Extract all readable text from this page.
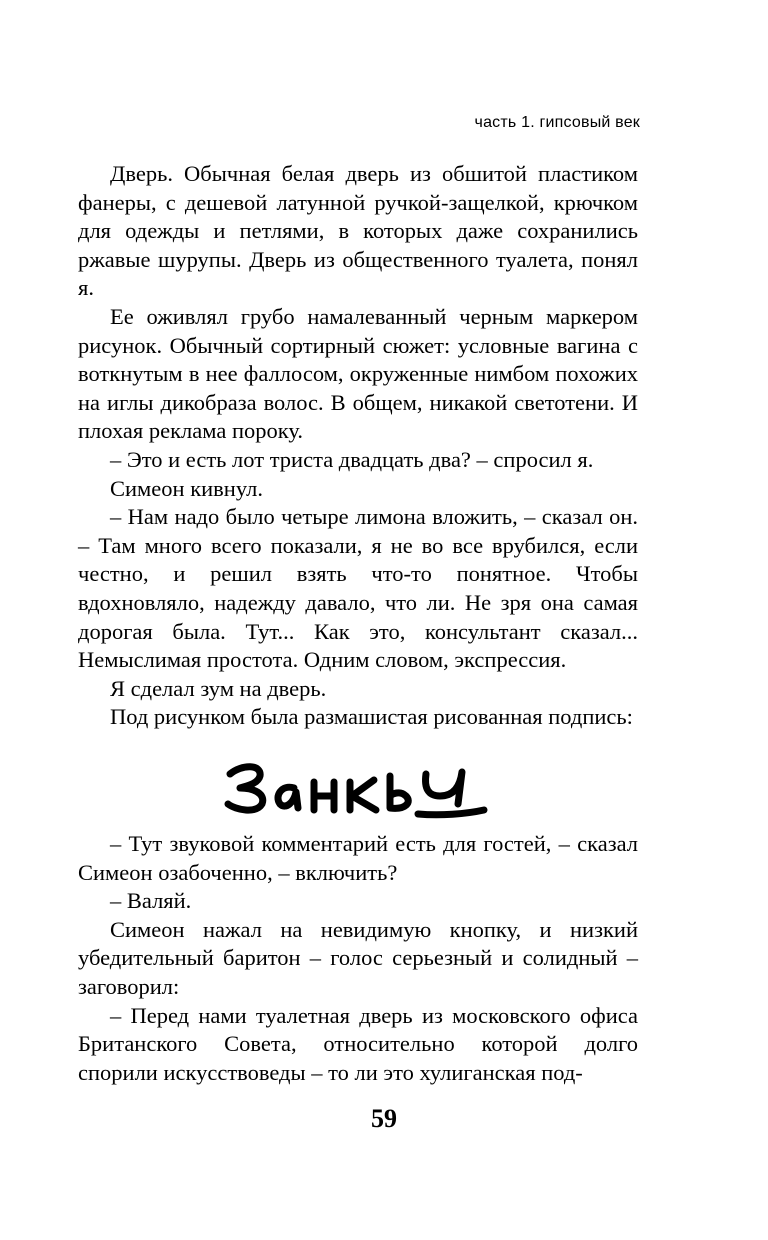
часть 1. гипсовый век

Дверь. Обычная белая дверь из обшитой пластиком фанеры, с дешевой латунной ручкой-защелкой, крючком для одежды и петлями, в которых даже сохранились ржавые шурупы. Дверь из общественного туалета, понял я.

Ее оживлял грубо намалеванный черным маркером рисунок. Обычный сортирный сюжет: условные вагина с воткнутым в нее фаллосом, окруженные нимбом похожих на иглы дикобраза волос. В общем, никакой светотени. И плохая реклама пороку.

– Это и есть лот триста двадцать два? – спросил я.

Симеон кивнул.

– Нам надо было четыре лимона вложить, – сказал он. – Там много всего показали, я не во все врубился, если честно, и решил взять что-то понятное. Чтобы вдохновляло, надежду давало, что ли. Не зря она самая дорогая была. Тут... Как это, консультант сказал... Немыслимая простота. Одним словом, экспрессия.

Я сделал зум на дверь.

Под рисунком была размашистая рисованная подпись:

– Тут звуковой комментарий есть для гостей, – сказал Симеон озабоченно, – включить?

– Валяй.

Симеон нажал на невидимую кнопку, и низкий убедительный баритон – голос серьезный и солидный – заговорил:

– Перед нами туалетная дверь из московского офиса Британского Совета, относительно которой долго спорили искусствоведы – то ли это хулиганская под-

59
